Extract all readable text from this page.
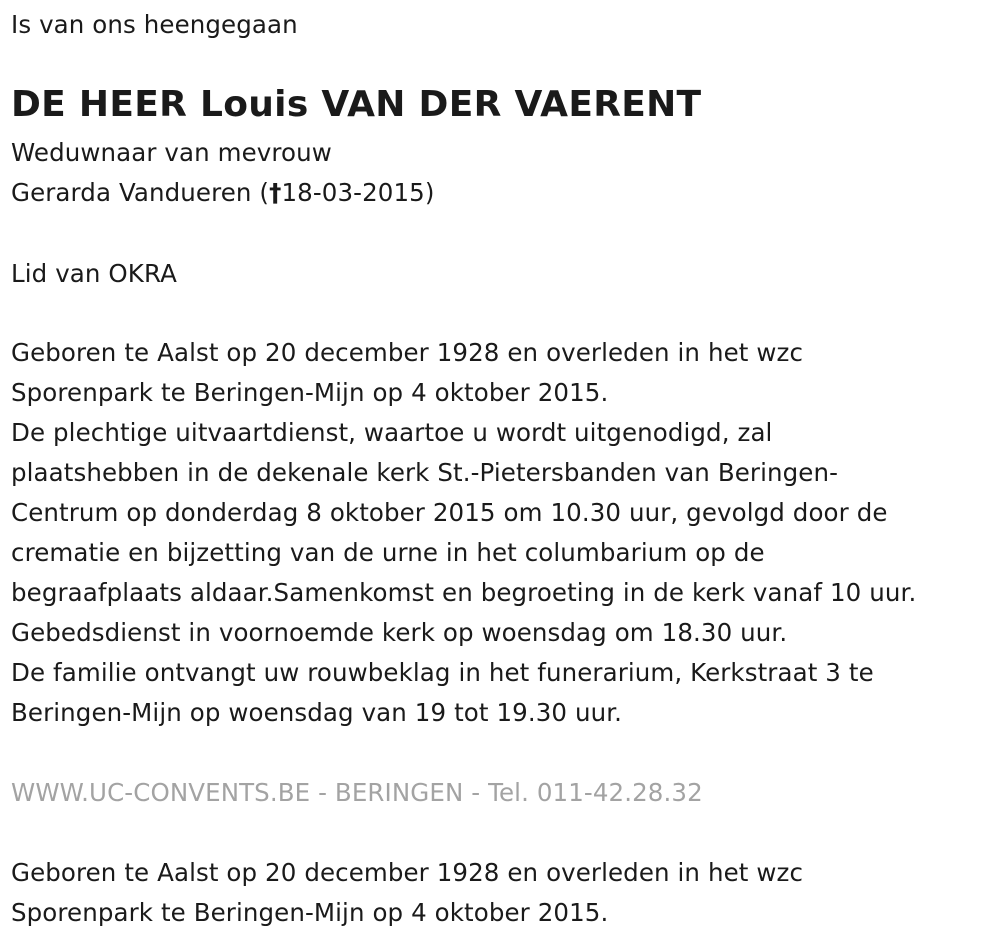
Is van ons heengegaan
DE HEER Louis VAN DER VAERENT
Weduwnaar van mevrouw
Gerarda Vandueren (†18-03-2015)
Lid van OKRA
Geboren te Aalst op 20 december 1928 en overleden in het wzc
Sporenpark te Beringen-Mijn op 4 oktober 2015.
De plechtige uitvaartdienst, waartoe u wordt uitgenodigd, zal
plaatshebben in de dekenale kerk St.-Pietersbanden van Beringen-
Centrum op donderdag 8 oktober 2015 om 10.30 uur, gevolgd door de
crematie en bijzetting van de urne in het columbarium op de
begraafplaats aldaar.Samenkomst en begroeting in de kerk vanaf 10 uur.
Gebedsdienst in voornoemde kerk op woensdag om 18.30 uur.
De familie ontvangt uw rouwbeklag in het funerarium, Kerkstraat 3 te
Beringen-Mijn op woensdag van 19 tot 19.30 uur.
WWW.UC-CONVENTS.BE - BERINGEN - Tel. 011-42.28.32
Geboren te Aalst op 20 december 1928 en overleden in het wzc
Sporenpark te Beringen-Mijn op 4 oktober 2015.
